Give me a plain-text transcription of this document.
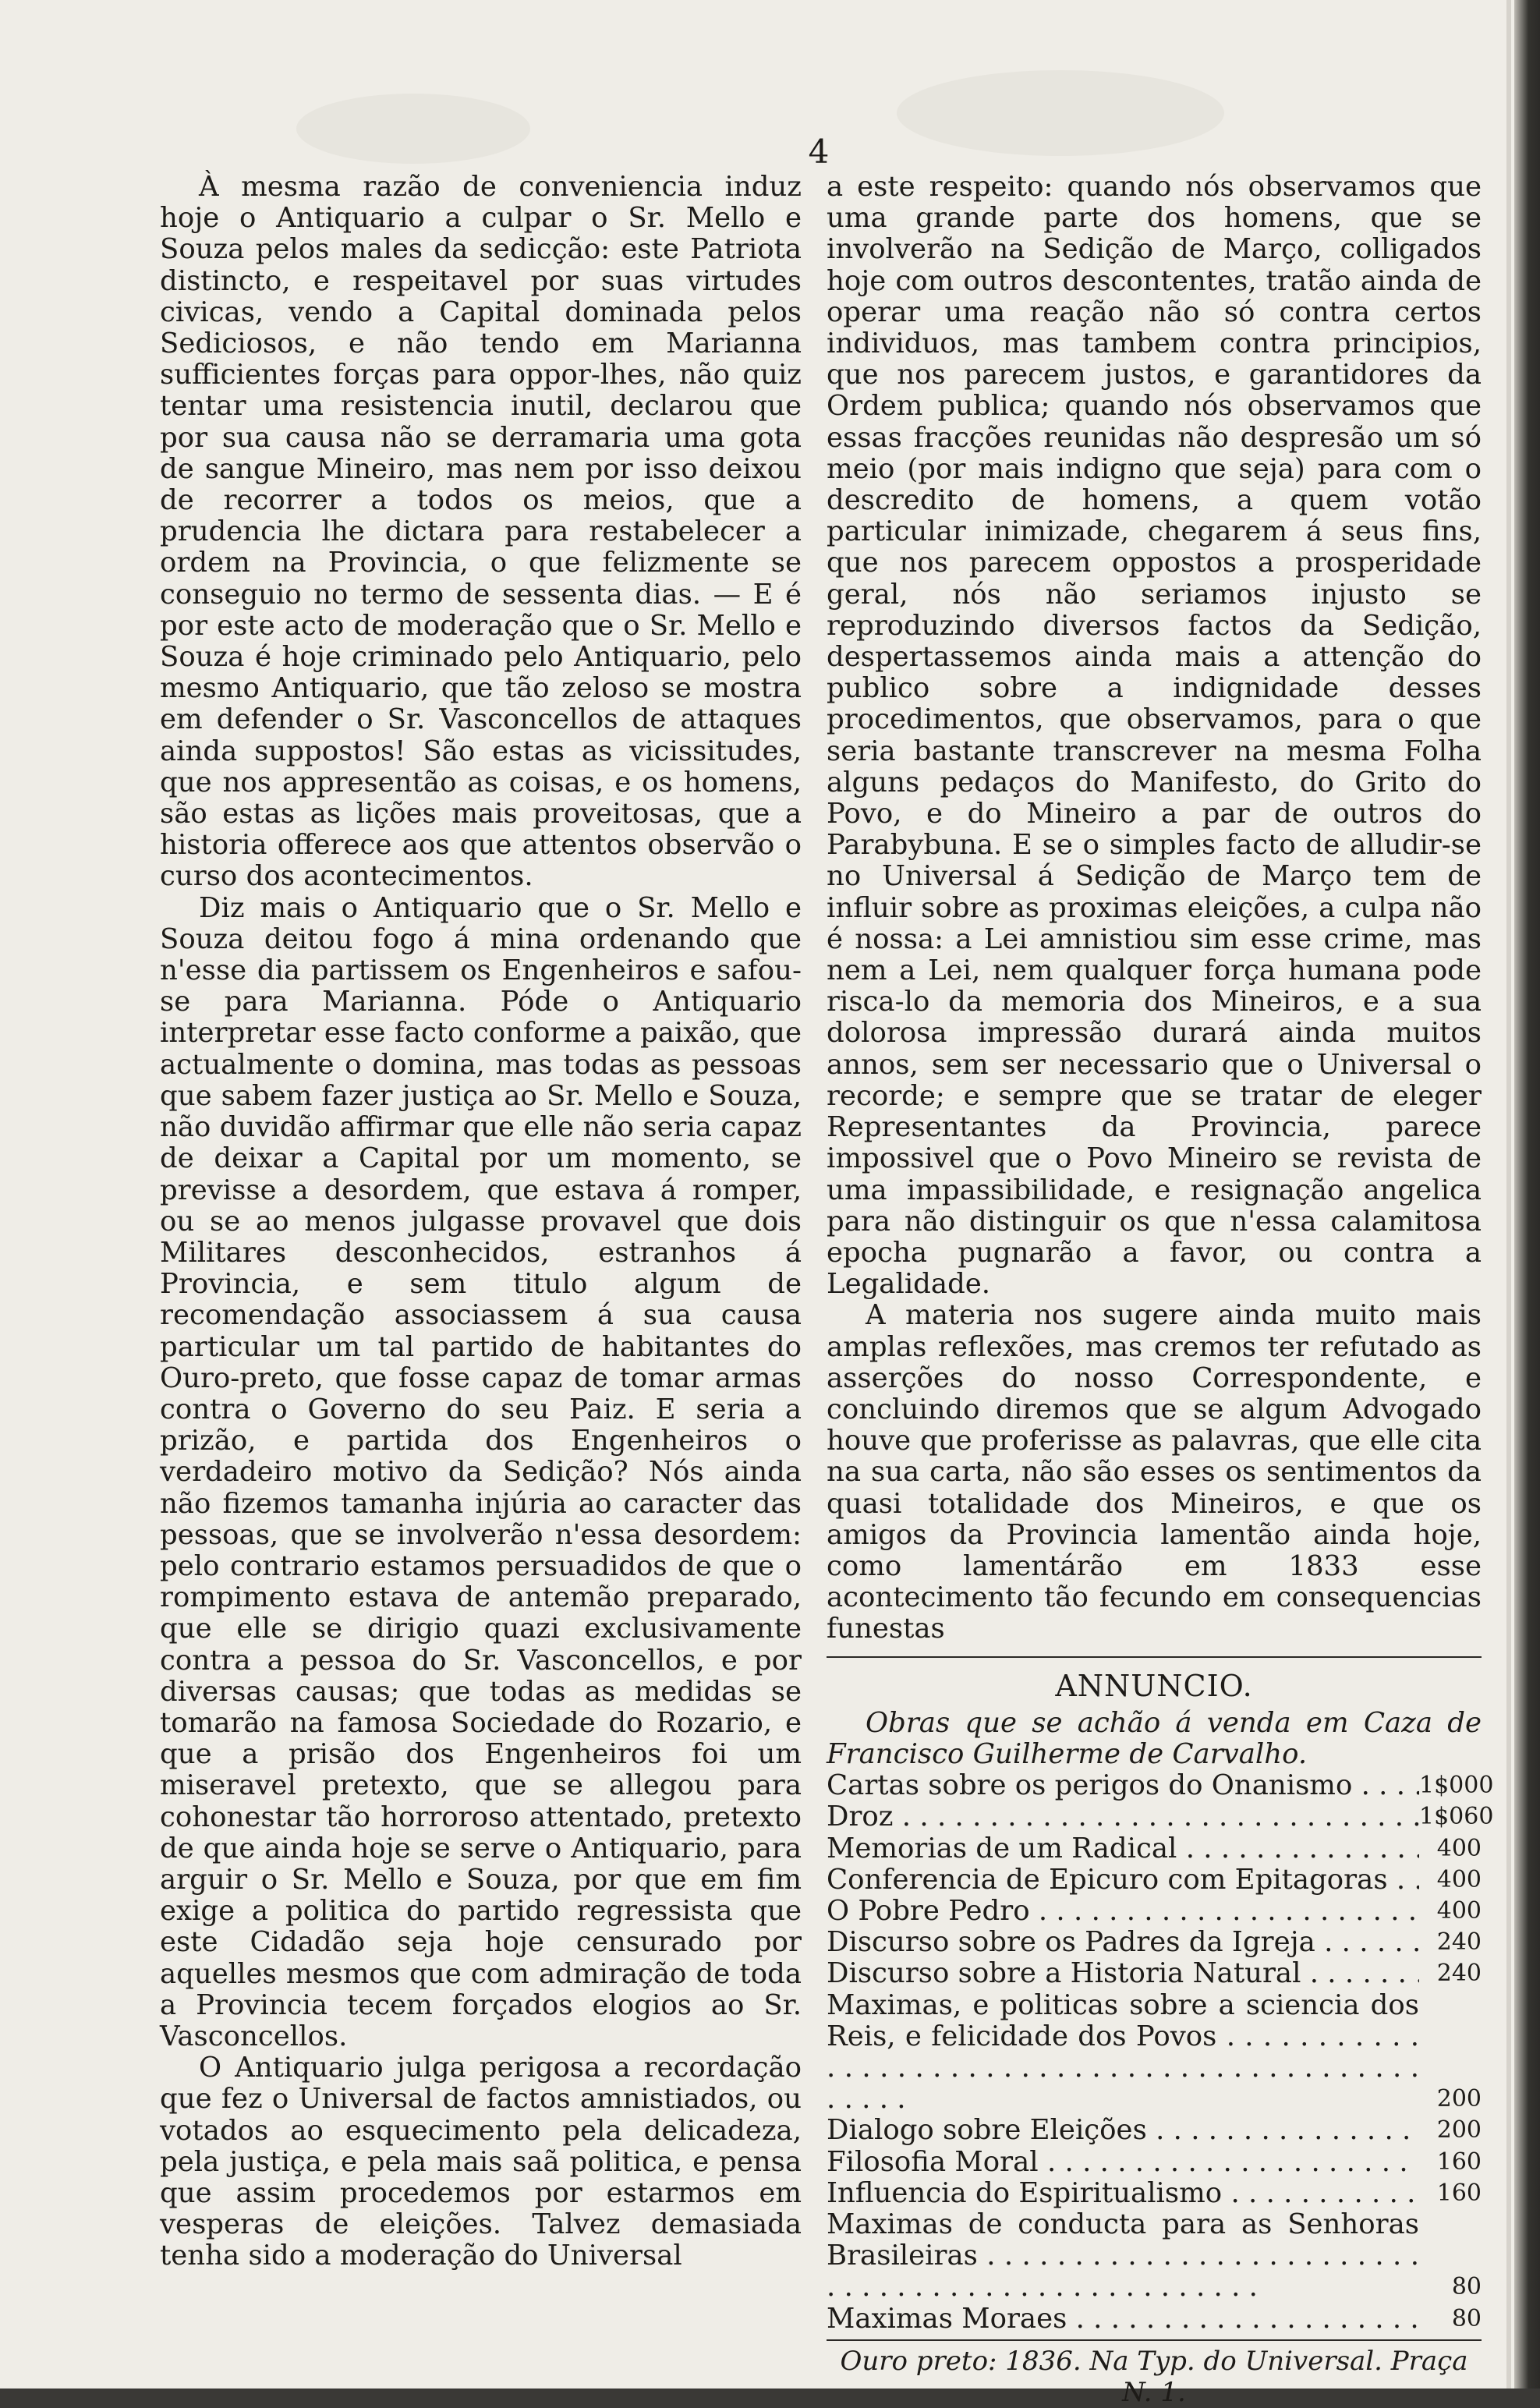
4

À mesma razão de conveniencia induz hoje o Antiquario a culpar o Sr. Mello e Souza pelos males da sedicção: este Patriota distincto, e respeitavel por suas virtudes civicas, vendo a Capital dominada pelos Sediciosos, e não tendo em Marianna sufficientes forças para oppor-lhes, não quiz tentar uma resistencia inutil, declarou que por sua causa não se derramaria uma gota de sangue Mineiro, mas nem por isso deixou de recorrer a todos os meios, que a prudencia lhe dictara para restabelecer a ordem na Provincia, o que felizmente se conseguio no termo de sessenta dias. — E é por este acto de moderação que o Sr. Mello e Souza é hoje criminado pelo Antiquario, pelo mesmo Antiquario, que tão zeloso se mostra em defender o Sr. Vasconcellos de attaques ainda suppostos! São estas as vicissitudes, que nos appresentão as coisas, e os homens, são estas as lições mais proveitosas, que a historia offerece aos que attentos observão o curso dos acontecimentos.

Diz mais o Antiquario que o Sr. Mello e Souza deitou fogo á mina ordenando que n'esse dia partissem os Engenheiros e safou-se para Marianna. Póde o Antiquario interpretar esse facto conforme a paixão, que actualmente o domina, mas todas as pessoas que sabem fazer justiça ao Sr. Mello e Souza, não duvidão affirmar que elle não seria capaz de deixar a Capital por um momento, se previsse a desordem, que estava á romper, ou se ao menos julgasse provavel que dois Militares desconhecidos, estranhos á Provincia, e sem titulo algum de recomendação associassem á sua causa particular um tal partido de habitantes do Ouro-preto, que fosse capaz de tomar armas contra o Governo do seu Paiz. E seria a prizão, e partida dos Engenheiros o verdadeiro motivo da Sedição? Nós ainda não fizemos tamanha injúria ao caracter das pessoas, que se involverão n'essa desordem: pelo contrario estamos persuadidos de que o rompimento estava de antemão preparado, que elle se dirigio quazi exclusivamente contra a pessoa do Sr. Vasconcellos, e por diversas causas; que todas as medidas se tomarão na famosa Sociedade do Rozario, e que a prisão dos Engenheiros foi um miseravel pretexto, que se allegou para cohonestar tão horroroso attentado, pretexto de que ainda hoje se serve o Antiquario, para arguir o Sr. Mello e Souza, por que em fim exige a politica do partido regressista que este Cidadão seja hoje censurado por aquelles mesmos que com admiração de toda a Provincia tecem forçados elogios ao Sr. Vasconcellos.

O Antiquario julga perigosa a recordação que fez o Universal de factos amnistiados, ou votados ao esquecimento pela delicadeza, pela justiça, e pela mais saã politica, e pensa que assim procedemos por estarmos em vesperas de eleições. Talvez demasiada tenha sido a moderação do Universal

a este respeito: quando nós observamos que uma grande parte dos homens, que se involverão na Sedição de Março, colligados hoje com outros descontentes, tratão ainda de operar uma reação não só contra certos individuos, mas tambem contra principios, que nos parecem justos, e garantidores da Ordem publica; quando nós observamos que essas fracções reunidas não despresão um só meio (por mais indigno que seja) para com o descredito de homens, a quem votão particular inimizade, chegarem á seus fins, que nos parecem oppostos a prosperidade geral, nós não seriamos injusto se reproduzindo diversos factos da Sedição, despertassemos ainda mais a attenção do publico sobre a indignidade desses procedimentos, que observamos, para o que seria bastante transcrever na mesma Folha alguns pedaços do Manifesto, do Grito do Povo, e do Mineiro a par de outros do Parabybuna. E se o simples facto de alludir-se no Universal á Sedição de Março tem de influir sobre as proximas eleições, a culpa não é nossa: a Lei amnistiou sim esse crime, mas nem a Lei, nem qualquer força humana pode risca-lo da memoria dos Mineiros, e a sua dolorosa impressão durará ainda muitos annos, sem ser necessario que o Universal o recorde; e sempre que se tratar de eleger Representantes da Provincia, parece impossivel que o Povo Mineiro se revista de uma impassibilidade, e resignação angelica para não distinguir os que n'essa calamitosa epocha pugnarão a favor, ou contra a Legalidade.

A materia nos sugere ainda muito mais amplas reflexões, mas cremos ter refutado as asserções do nosso Correspondente, e concluindo diremos que se algum Advogado houve que proferisse as palavras, que elle cita na sua carta, não são esses os sentimentos da quasi totalidade dos Mineiros, e que os amigos da Provincia lamentão ainda hoje, como lamentárão em 1833 esse acontecimento tão fecundo em consequencias funestas

ANNUNCIO.

Obras que se achão á venda em Caza de Francisco Guilherme de Carvalho.

Cartas sobre os perigos do Onanismo . . .	1$000
Droz . . .	1$060
Memorias de um Radical . . .	400
Conferencia de Epicuro com Epitagoras . . .	400
O Pobre Pedro . . .	400
Discurso sobre os Padres da Igreja . . .	240
Discurso sobre a Historia Natural . . .	240
Maximas, e politicas sobre a sciencia dos Reis, e felicidade dos Povos . . .
200
Dialogo sobre Eleições . . .	200
Filosofia Moral . . .	160
Influencia do Espiritualismo . . .	160
Maximas de conducta para as Senhoras Brasileiras . . .
80
Maximas Moraes . . .	80
Ouro preto: 1836. Na Typ. do Universal. Praça N. 1.
